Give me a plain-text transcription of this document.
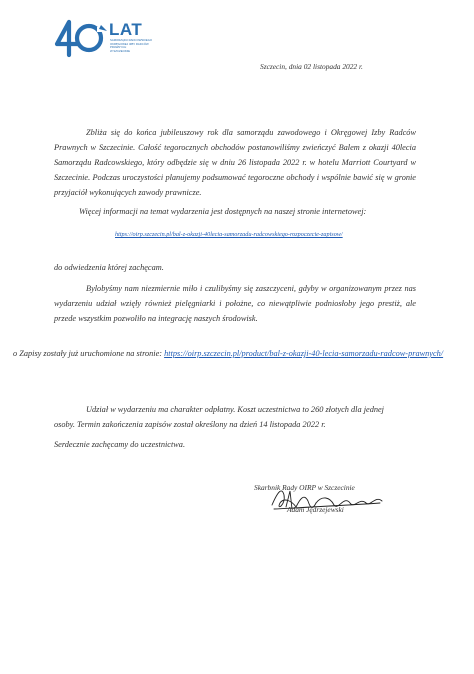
LAT
SAMORZĄDU RADCOWSKIEGO
OKRĘGOWEJ IZBY RADCÓW
PRAWNYCH
W SZCZECINIE
Szczecin, dnia 02 listopada 2022 r.
Zbliża się do końca jubileuszowy rok dla samorządu zawodowego i Okręgowej Izby Radców Prawnych w Szczecinie. Całość tegorocznych obchodów postanowiliśmy zwieńczyć Balem z okazji 40lecia Samorządu Radcowskiego, który odbędzie się w dniu 26 listopada 2022 r. w hotelu Marriott Courtyard w Szczecinie. Podczas uroczystości planujemy podsumować tegoroczne obchody i wspólnie bawić się w gronie przyjaciół wykonujących zawody prawnicze.
Więcej informacji na temat wydarzenia jest dostępnych na naszej stronie internetowej:
https://oirp.szczecin.pl/bal-z-okazji-40lecia-samorzadu-radcowskiego-rozpoczecie-zapisow/
do odwiedzenia której zachęcam.
Bylobyśmy nam niezmiernie miło i czulibyśmy się zaszczyceni, gdyby w organizowanym przez nas wydarzeniu udział wzięły również pielęgniarki i położne, co niewątpliwie podniosłoby jego prestiż, ale przede wszystkim pozwoliło na integrację naszych środowisk.
o Zapisy zostały już uruchomione na stronie: https://oirp.szczecin.pl/product/bal-z-okazji-40-lecia-samorzadu-radcow-prawnych/
Udział w wydarzeniu ma charakter odpłatny. Koszt uczestnictwa to 260 złotych dla jednej osoby. Termin zakończenia zapisów został określony na dzień 14 listopada 2022 r.
Serdecznie zachęcamy do uczestnictwa.
Skarbnik Rady OIRP w Szczecinie
Adam Jędrzejewski
